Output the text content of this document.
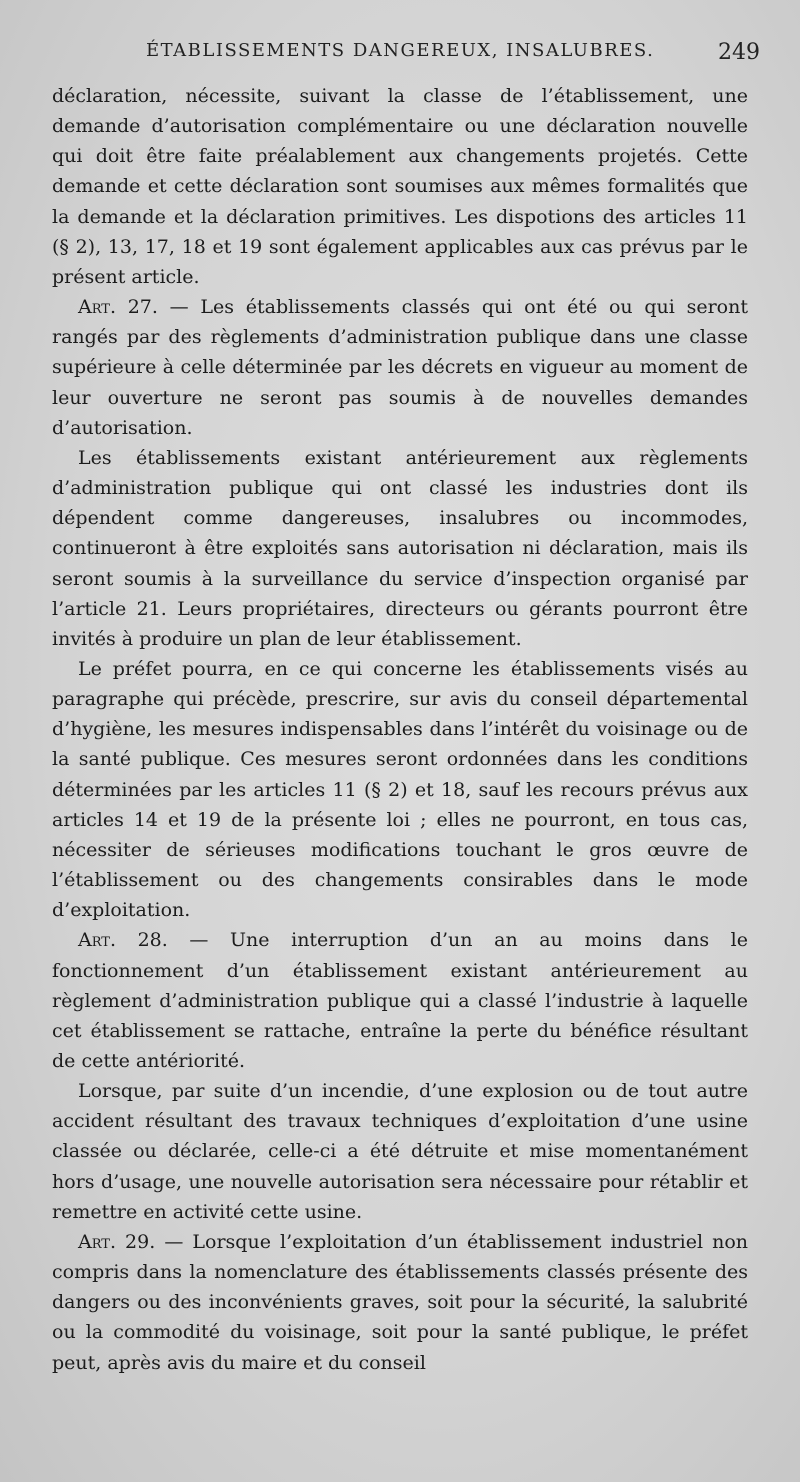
ÉTABLISSEMENTS DANGEREUX, INSALUBRES.	249

déclaration, nécessite, suivant la classe de l’établissement, une demande d’autorisation complémentaire ou une déclaration nouvelle qui doit être faite préalablement aux changements projetés. Cette demande et cette déclaration sont soumises aux mêmes formalités que la demande et la déclaration primitives. Les dispotions des articles 11 (§ 2), 13, 17, 18 et 19 sont également applicables aux cas prévus par le présent article.

Art. 27. — Les établissements classés qui ont été ou qui seront rangés par des règlements d’administration publique dans une classe supérieure à celle déterminée par les décrets en vigueur au moment de leur ouverture ne seront pas soumis à de nouvelles demandes d’autorisation.

Les établissements existant antérieurement aux règlements d’administration publique qui ont classé les industries dont ils dépendent comme dangereuses, insalubres ou incommodes, continueront à être exploités sans autorisation ni déclaration, mais ils seront soumis à la surveillance du service d’inspection organisé par l’article 21. Leurs propriétaires, directeurs ou gérants pourront être invités à produire un plan de leur établissement.

Le préfet pourra, en ce qui concerne les établissements visés au paragraphe qui précède, prescrire, sur avis du conseil départemental d’hygiène, les mesures indispensables dans l’intérêt du voisinage ou de la santé publique. Ces mesures seront ordonnées dans les conditions déterminées par les articles 11 (§ 2) et 18, sauf les recours prévus aux articles 14 et 19 de la présente loi ; elles ne pourront, en tous cas, nécessiter de sérieuses modifications touchant le gros œuvre de l’établissement ou des changements consirables dans le mode d’exploitation.

Art. 28. — Une interruption d’un an au moins dans le fonctionnement d’un établissement existant antérieurement au règlement d’administration publique qui a classé l’industrie à laquelle cet établissement se rattache, entraîne la perte du bénéfice résultant de cette antériorité.

Lorsque, par suite d’un incendie, d’une explosion ou de tout autre accident résultant des travaux techniques d’exploitation d’une usine classée ou déclarée, celle-ci a été détruite et mise momentanément hors d’usage, une nouvelle autorisation sera nécessaire pour rétablir et remettre en activité cette usine.

Art. 29. — Lorsque l’exploitation d’un établissement industriel non compris dans la nomenclature des établissements classés présente des dangers ou des inconvénients graves, soit pour la sécurité, la salubrité ou la commodité du voisinage, soit pour la santé publique, le préfet peut, après avis du maire et du conseil
